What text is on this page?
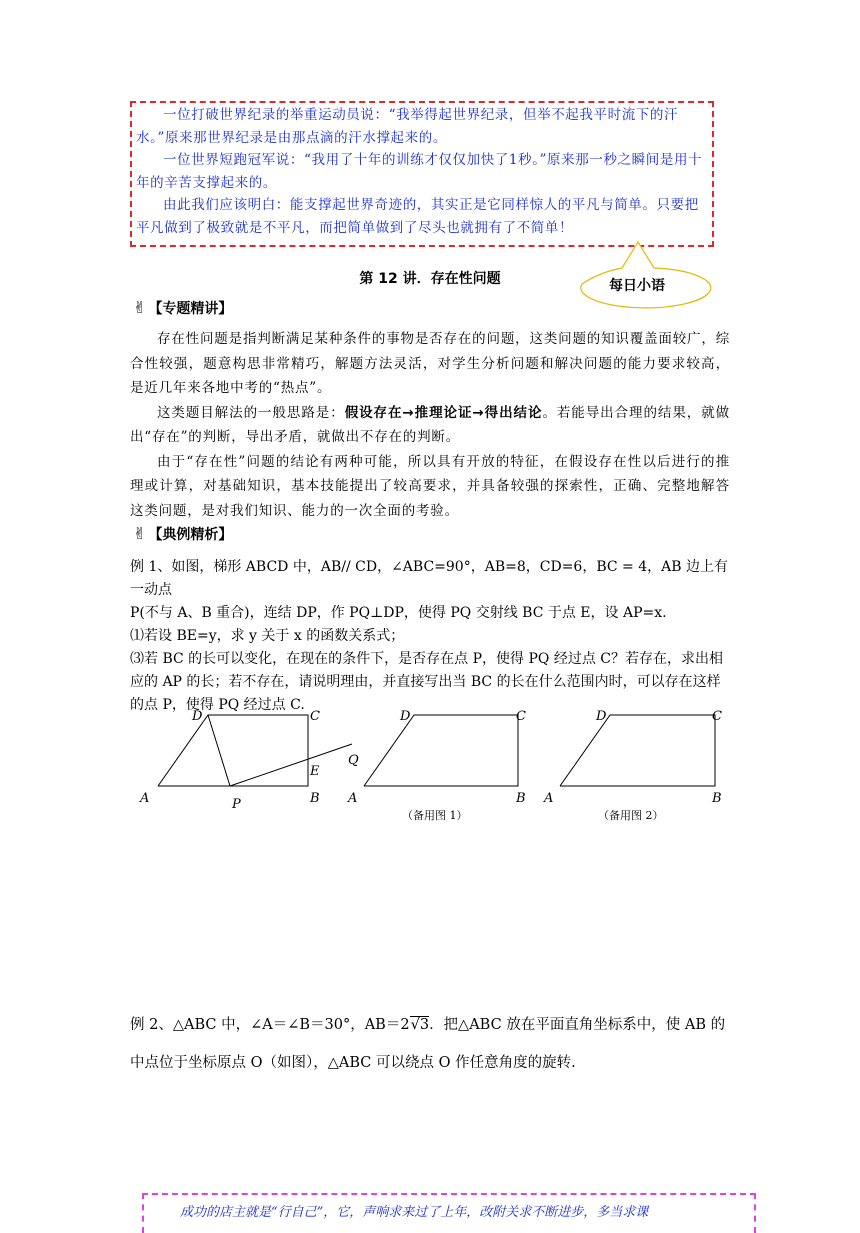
一位打破世界纪录的举重运动员说：“我举得起世界纪录，但举不起我平时流下的汗水。”原来那世界纪录是由那点滴的汗水撑起来的。

一位世界短跑冠军说：“我用了十年的训练才仅仅加快了1秒。”原来那一秒之瞬间是用十年的辛苦支撑起来的。

由此我们应该明白：能支撑起世界奇迹的，其实正是它同样惊人的平凡与简单。只要把平凡做到了极致就是不平凡，而把简单做到了尽头也就拥有了不简单！

每日小语
第 12 讲．存在性问题
✌ 【专题精讲】

存在性问题是指判断满足某种条件的事物是否存在的问题，这类问题的知识覆盖面较广，综合性较强，题意构思非常精巧，解题方法灵活，对学生分析问题和解决问题的能力要求较高，是近几年来各地中考的“热点”。

这类题目解法的一般思路是：假设存在→推理论证→得出结论。若能导出合理的结果，就做出“存在”的判断，导出矛盾，就做出不存在的判断。

由于“存在性”问题的结论有两种可能，所以具有开放的特征，在假设存在性以后进行的推理或计算，对基础知识，基本技能提出了较高要求，并具备较强的探索性，正确、完整地解答这类问题，是对我们知识、能力的一次全面的考验。

✌ 【典例精析】

例 1、如图，梯形 ABCD 中，AB// CD，∠ABC=90°，AB=8，CD=6，BC = 4，AB 边上有一动点

P(不与 A、B 重合)，连结 DP，作 PQ⊥DP，使得 PQ 交射线 BC 于点 E，设 AP=x.

⑴若设 BE=y，求 y 关于 x 的函数关系式；

⑶若 BC 的长可以变化，在现在的条件下，是否存在点 P，使得 PQ 经过点 C？若存在，求出相应的 AP 的长；若不存在，请说明理由，并直接写出当 BC 的长在什么范围内时，可以存在这样的点 P，使得 PQ 经过点 C.

D	C
A	B
P
Q
E
D	C
A	B
D	C
A	B
（备用图 1）	（备用图 2）

例 2、△ABC 中，∠A＝∠B＝30°，AB＝2√3．把△ABC 放在平面直角坐标系中，使 AB 的

中点位于坐标原点 O（如图），△ABC 可以绕点 O 作任意角度的旋转.

成功的店主就是“行自己”，它，声响求来过了上年，改附关求不断进步，多当求课
